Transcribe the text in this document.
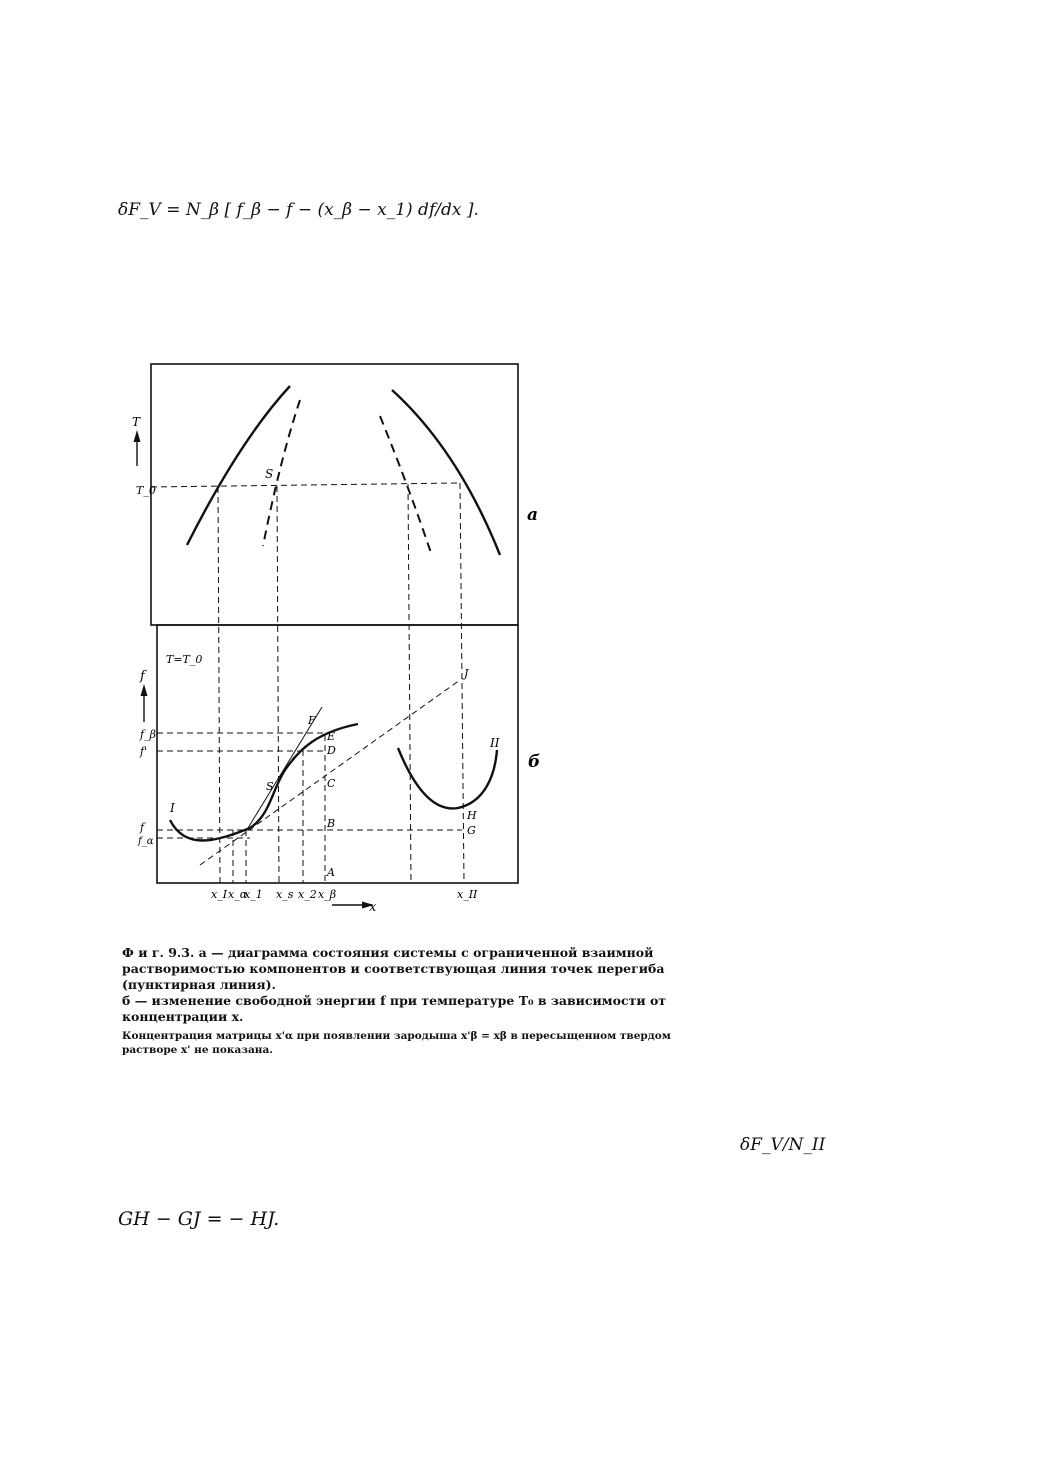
δF_V = N_β [ f_β − f − (x_β − x_1) df/dx ].
T
T_0
S
а
T=T_0
f
f_β
f'
f
f_α
F
E
D
C
B
A
J
H
G
S
I
II
б
x_I x_α
x_1 x_s x_2 x_β	x_II
x

Ф и г. 9.3. а — диаграмма состояния системы с ограниченной взаимной растворимостью компонентов и соответствующая линия точек перегиба (пунктирная линия).

б — изменение свободной энергии f при температуре T₀ в зависимости от концентрации x.

Концентрация матрицы x'α при появлении зародыша x'β = xβ в пересыщенном твердом растворе x' не показана.

δF_V/N_II
GH − GJ = − HJ.
